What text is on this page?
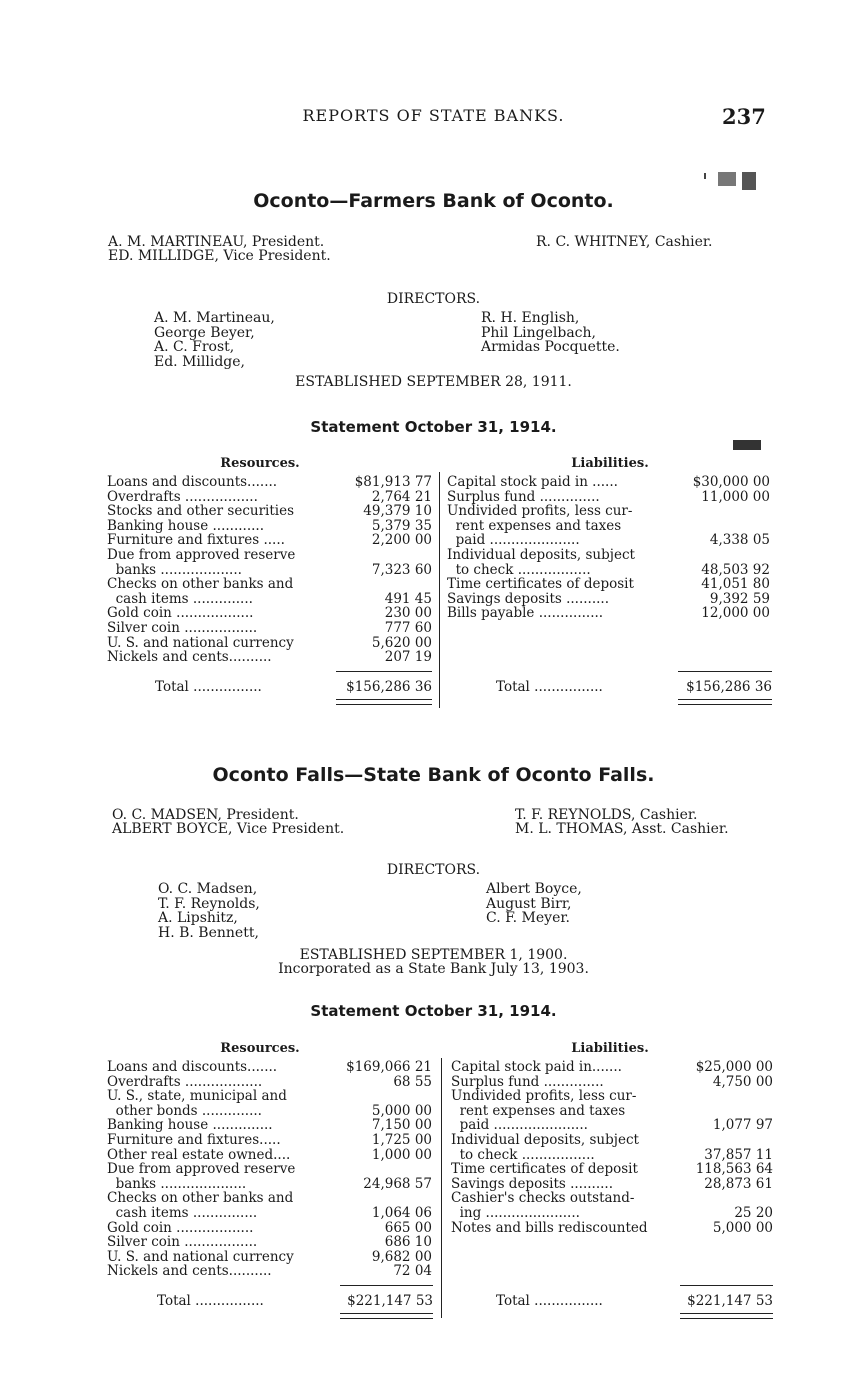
REPORTS OF STATE BANKS.	237
Oconto—Farmers Bank of Oconto.
A. M. MARTINEAU, President.
ED. MILLIDGE, Vice President.
R. C. WHITNEY, Cashier.
DIRECTORS.
A. M. Martineau,
George Beyer,
A. C. Frost,
Ed. Millidge,
R. H. English,
Phil Lingelbach,
Armidas Pocquette.
ESTABLISHED SEPTEMBER 28, 1911.
Statement October 31, 1914.
Resources.	Liabilities.
Loans and discounts.......	$81,913 77
Overdrafts .................	2,764 21
Stocks and other securities	49,379 10
Banking house ............	5,379 35
Furniture and fixtures .....	2,200 00
Due from approved reserve
banks ...................	7,323 60
Checks on other banks and
cash items ..............	491 45
Gold coin ..................	230 00
Silver coin .................	777 60
U. S. and national currency	5,620 00
Nickels and cents..........	207 19
Capital stock paid in ......	$30,000 00
Surplus fund ..............	11,000 00
Undivided profits, less cur-
rent expenses and taxes
paid .....................	4,338 05
Individual deposits, subject
to check .................	48,503 92
Time certificates of deposit	41,051 80
Savings deposits ..........	9,392 59
Bills payable ...............	12,000 00
Total ................	$156,286 36	Total ................	$156,286 36
Oconto Falls—State Bank of Oconto Falls.
O. C. MADSEN, President.
ALBERT BOYCE, Vice President.
T. F. REYNOLDS, Cashier.
M. L. THOMAS, Asst. Cashier.
DIRECTORS.
O. C. Madsen,
T. F. Reynolds,
A. Lipshitz,
H. B. Bennett,
Albert Boyce,
August Birr,
C. F. Meyer.
ESTABLISHED SEPTEMBER 1, 1900.
Incorporated as a State Bank July 13, 1903.
Statement October 31, 1914.
Resources.	Liabilities.
Loans and discounts.......	$169,066 21
Overdrafts ..................	68 55
U. S., state, municipal and
other bonds ..............	5,000 00
Banking house ..............	7,150 00
Furniture and fixtures.....	1,725 00
Other real estate owned....	1,000 00
Due from approved reserve
banks ....................	24,968 57
Checks on other banks and
cash items ...............	1,064 06
Gold coin ..................	665 00
Silver coin .................	686 10
U. S. and national currency	9,682 00
Nickels and cents..........	72 04
Capital stock paid in.......	$25,000 00
Surplus fund ..............	4,750 00
Undivided profits, less cur-
rent expenses and taxes
paid ......................	1,077 97
Individual deposits, subject
to check .................	37,857 11
Time certificates of deposit	118,563 64
Savings deposits ..........	28,873 61
Cashier's checks outstand-
ing ......................	25 20
Notes and bills rediscounted	5,000 00
Total ................	$221,147 53	Total ................	$221,147 53
